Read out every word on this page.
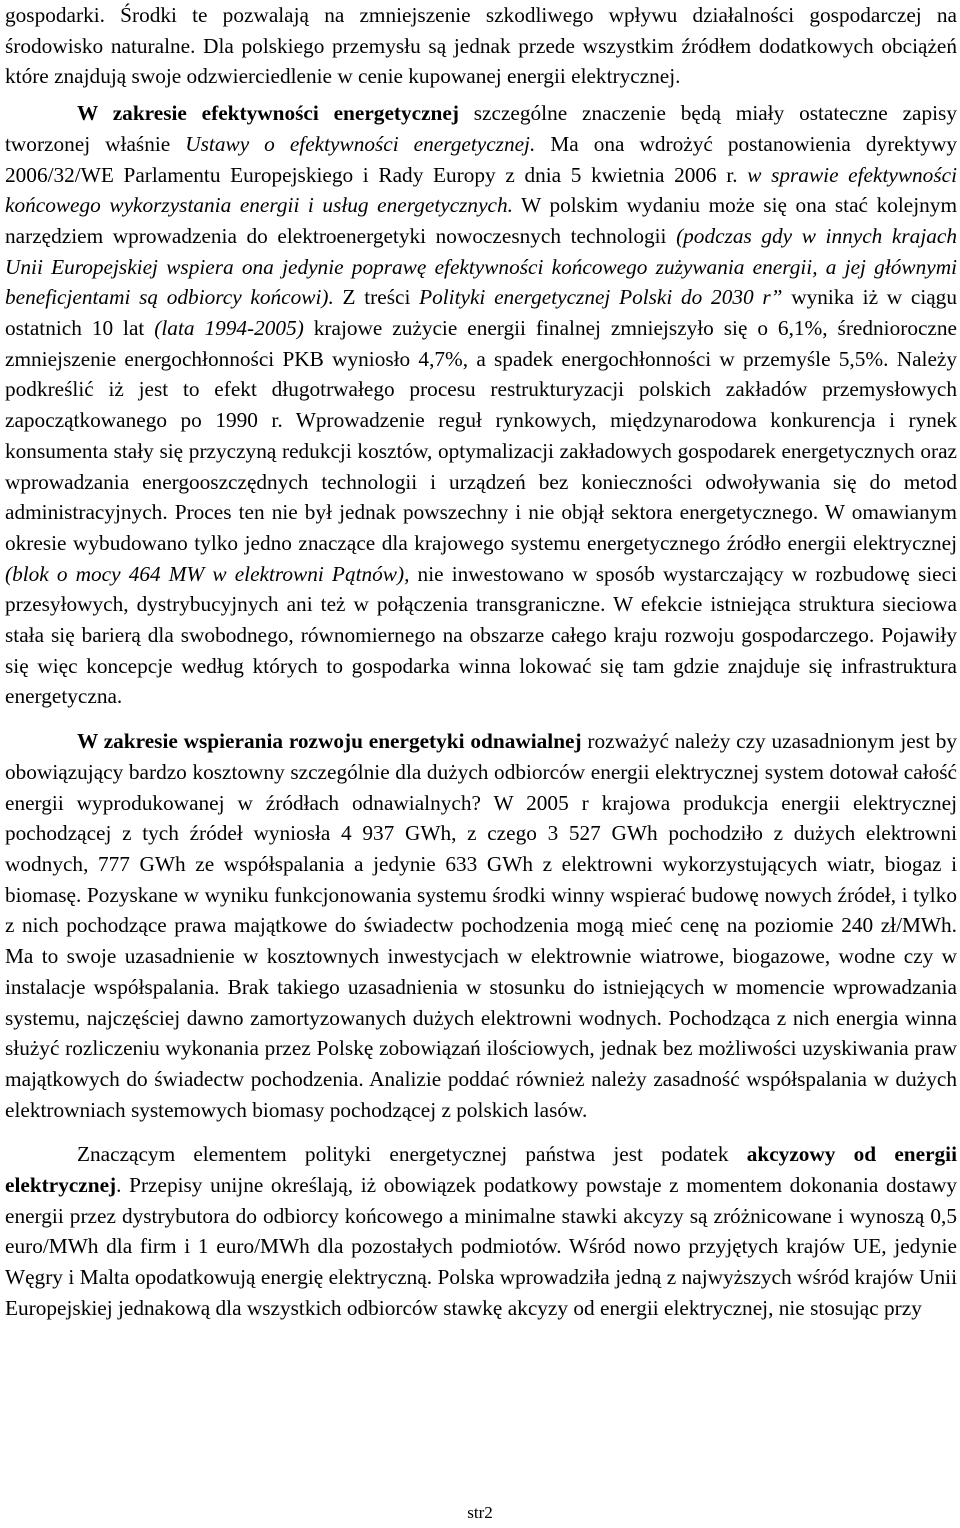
gospodarki. Środki te pozwalają na zmniejszenie szkodliwego wpływu działalności gospodarczej na środowisko naturalne. Dla polskiego przemysłu są jednak przede wszystkim źródłem dodatkowych obciążeń które znajdują swoje odzwierciedlenie w cenie kupowanej energii elektrycznej.

W zakresie efektywności energetycznej szczególne znaczenie będą miały ostateczne zapisy tworzonej właśnie Ustawy o efektywności energetycznej. Ma ona wdrożyć postanowienia dyrektywy 2006/32/WE Parlamentu Europejskiego i Rady Europy z dnia 5 kwietnia 2006 r. w sprawie efektywności końcowego wykorzystania energii i usług energetycznych. W polskim wydaniu może się ona stać kolejnym narzędziem wprowadzenia do elektroenergetyki nowoczesnych technologii (podczas gdy w innych krajach Unii Europejskiej wspiera ona jedynie poprawę efektywności końcowego zużywania energii, a jej głównymi beneficjentami są odbiorcy końcowi). Z treści Polityki energetycznej Polski do 2030 r” wynika iż w ciągu ostatnich 10 lat (lata 1994-2005) krajowe zużycie energii finalnej zmniejszyło się o 6,1%, średnioroczne zmniejszenie energochłonności PKB wyniosło 4,7%, a spadek energochłonności w przemyśle 5,5%. Należy podkreślić iż jest to efekt długotrwałego procesu restrukturyzacji polskich zakładów przemysłowych zapoczątkowanego po 1990 r. Wprowadzenie reguł rynkowych, międzynarodowa konkurencja i rynek konsumenta stały się przyczyną redukcji kosztów, optymalizacji zakładowych gospodarek energetycznych oraz wprowadzania energooszczędnych technologii i urządzeń bez konieczności odwoływania się do metod administracyjnych. Proces ten nie był jednak powszechny i nie objął sektora energetycznego. W omawianym okresie wybudowano tylko jedno znaczące dla krajowego systemu energetycznego źródło energii elektrycznej (blok o mocy 464 MW w elektrowni Pątnów), nie inwestowano w sposób wystarczający w rozbudowę sieci przesyłowych, dystrybucyjnych ani też w połączenia transgraniczne. W efekcie istniejąca struktura sieciowa stała się barierą dla swobodnego, równomiernego na obszarze całego kraju rozwoju gospodarczego. Pojawiły się więc koncepcje według których to gospodarka winna lokować się tam gdzie znajduje się infrastruktura energetyczna.

W zakresie wspierania rozwoju energetyki odnawialnej rozważyć należy czy uzasadnionym jest by obowiązujący bardzo kosztowny szczególnie dla dużych odbiorców energii elektrycznej system dotował całość energii wyprodukowanej w źródłach odnawialnych? W 2005 r krajowa produkcja energii elektrycznej pochodzącej z tych źródeł wyniosła 4 937 GWh, z czego 3 527 GWh pochodziło z dużych elektrowni wodnych, 777 GWh ze współspalania a jedynie 633 GWh z elektrowni wykorzystujących wiatr, biogaz i biomasę. Pozyskane w wyniku funkcjonowania systemu środki winny wspierać budowę nowych źródeł, i tylko z nich pochodzące prawa majątkowe do świadectw pochodzenia mogą mieć cenę na poziomie 240 zł/MWh. Ma to swoje uzasadnienie w kosztownych inwestycjach w elektrownie wiatrowe, biogazowe, wodne czy w instalacje współspalania. Brak takiego uzasadnienia w stosunku do istniejących w momencie wprowadzania systemu, najczęściej dawno zamortyzowanych dużych elektrowni wodnych. Pochodząca z nich energia winna służyć rozliczeniu wykonania przez Polskę zobowiązań ilościowych, jednak bez możliwości uzyskiwania praw majątkowych do świadectw pochodzenia. Analizie poddać również należy zasadność współspalania w dużych elektrowniach systemowych biomasy pochodzącej z polskich lasów.

Znaczącym elementem polityki energetycznej państwa jest podatek akcyzowy od energii elektrycznej. Przepisy unijne określają, iż obowiązek podatkowy powstaje z momentem dokonania dostawy energii przez dystrybutora do odbiorcy końcowego a minimalne stawki akcyzy są zróżnicowane i wynoszą 0,5 euro/MWh dla firm i 1 euro/MWh dla pozostałych podmiotów. Wśród nowo przyjętych krajów UE, jedynie Węgry i Malta opodatkowują energię elektryczną. Polska wprowadziła jedną z najwyższych wśród krajów Unii Europejskiej jednakową dla wszystkich odbiorców stawkę akcyzy od energii elektrycznej, nie stosując przy

str2
